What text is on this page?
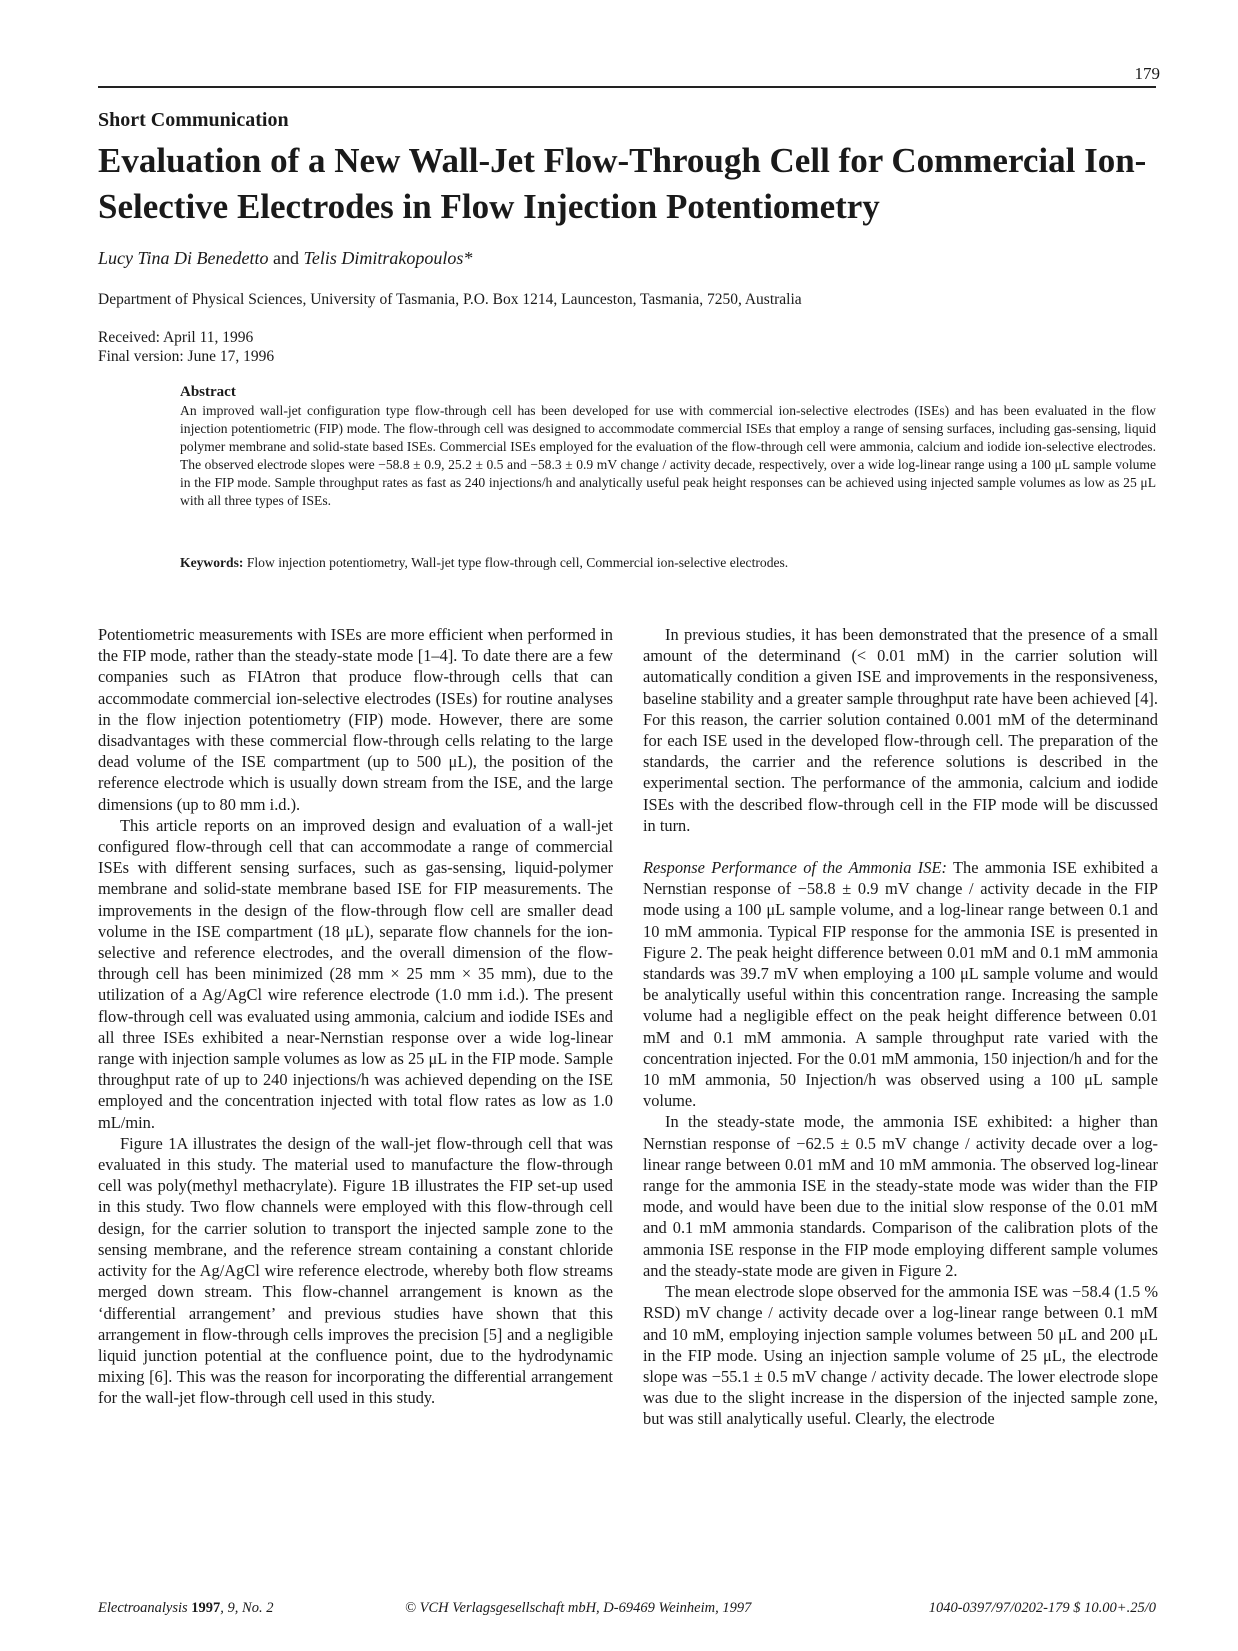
179
Short Communication
Evaluation of a New Wall-Jet Flow-Through Cell for Commercial Ion-Selective Electrodes in Flow Injection Potentiometry
Lucy Tina Di Benedetto and Telis Dimitrakopoulos*
Department of Physical Sciences, University of Tasmania, P.O. Box 1214, Launceston, Tasmania, 7250, Australia
Received: April 11, 1996
Final version: June 17, 1996
Abstract
An improved wall-jet configuration type flow-through cell has been developed for use with commercial ion-selective electrodes (ISEs) and has been evaluated in the flow injection potentiometric (FIP) mode. The flow-through cell was designed to accommodate commercial ISEs that employ a range of sensing surfaces, including gas-sensing, liquid polymer membrane and solid-state based ISEs. Commercial ISEs employed for the evaluation of the flow-through cell were ammonia, calcium and iodide ion-selective electrodes. The observed electrode slopes were −58.8 ± 0.9, 25.2 ± 0.5 and −58.3 ± 0.9 mV change / activity decade, respectively, over a wide log-linear range using a 100 μL sample volume in the FIP mode. Sample throughput rates as fast as 240 injections/h and analytically useful peak height responses can be achieved using injected sample volumes as low as 25 μL with all three types of ISEs.
Keywords: Flow injection potentiometry, Wall-jet type flow-through cell, Commercial ion-selective electrodes.

Potentiometric measurements with ISEs are more efficient when performed in the FIP mode, rather than the steady-state mode [1–4]. To date there are a few companies such as FIAtron that produce flow-through cells that can accommodate commercial ion-selective electrodes (ISEs) for routine analyses in the flow injection potentiometry (FIP) mode. However, there are some disadvantages with these commercial flow-through cells relating to the large dead volume of the ISE compartment (up to 500 μL), the position of the reference electrode which is usually down stream from the ISE, and the large dimensions (up to 80 mm i.d.).

This article reports on an improved design and evaluation of a wall-jet configured flow-through cell that can accommodate a range of commercial ISEs with different sensing surfaces, such as gas-sensing, liquid-polymer membrane and solid-state membrane based ISE for FIP measurements. The improvements in the design of the flow-through flow cell are smaller dead volume in the ISE compartment (18 μL), separate flow channels for the ion-selective and reference electrodes, and the overall dimension of the flow-through cell has been minimized (28 mm × 25 mm × 35 mm), due to the utilization of a Ag/AgCl wire reference electrode (1.0 mm i.d.). The present flow-through cell was evaluated using ammonia, calcium and iodide ISEs and all three ISEs exhibited a near-Nernstian response over a wide log-linear range with injection sample volumes as low as 25 μL in the FIP mode. Sample throughput rate of up to 240 injections/h was achieved depending on the ISE employed and the concentration injected with total flow rates as low as 1.0 mL/min.

Figure 1A illustrates the design of the wall-jet flow-through cell that was evaluated in this study. The material used to manufacture the flow-through cell was poly(methyl methacrylate). Figure 1B illustrates the FIP set-up used in this study. Two flow channels were employed with this flow-through cell design, for the carrier solution to transport the injected sample zone to the sensing membrane, and the reference stream containing a constant chloride activity for the Ag/AgCl wire reference electrode, whereby both flow streams merged down stream. This flow-channel arrangement is known as the ‘differential arrangement’ and previous studies have shown that this arrangement in flow-through cells improves the precision [5] and a negligible liquid junction potential at the confluence point, due to the hydrodynamic mixing [6]. This was the reason for incorporating the differential arrangement for the wall-jet flow-through cell used in this study.

In previous studies, it has been demonstrated that the presence of a small amount of the determinand (< 0.01 mM) in the carrier solution will automatically condition a given ISE and improvements in the responsiveness, baseline stability and a greater sample throughput rate have been achieved [4]. For this reason, the carrier solution contained 0.001 mM of the determinand for each ISE used in the developed flow-through cell. The preparation of the standards, the carrier and the reference solutions is described in the experimental section. The performance of the ammonia, calcium and iodide ISEs with the described flow-through cell in the FIP mode will be discussed in turn.

Response Performance of the Ammonia ISE: The ammonia ISE exhibited a Nernstian response of −58.8 ± 0.9 mV change / activity decade in the FIP mode using a 100 μL sample volume, and a log-linear range between 0.1 and 10 mM ammonia. Typical FIP response for the ammonia ISE is presented in Figure 2. The peak height difference between 0.01 mM and 0.1 mM ammonia standards was 39.7 mV when employing a 100 μL sample volume and would be analytically useful within this concentration range. Increasing the sample volume had a negligible effect on the peak height difference between 0.01 mM and 0.1 mM ammonia. A sample throughput rate varied with the concentration injected. For the 0.01 mM ammonia, 150 injection/h and for the 10 mM ammonia, 50 Injection/h was observed using a 100 μL sample volume.

In the steady-state mode, the ammonia ISE exhibited: a higher than Nernstian response of −62.5 ± 0.5 mV change / activity decade over a log-linear range between 0.01 mM and 10 mM ammonia. The observed log-linear range for the ammonia ISE in the steady-state mode was wider than the FIP mode, and would have been due to the initial slow response of the 0.01 mM and 0.1 mM ammonia standards. Comparison of the calibration plots of the ammonia ISE response in the FIP mode employing different sample volumes and the steady-state mode are given in Figure 2.

The mean electrode slope observed for the ammonia ISE was −58.4 (1.5 % RSD) mV change / activity decade over a log-linear range between 0.1 mM and 10 mM, employing injection sample volumes between 50 μL and 200 μL in the FIP mode. Using an injection sample volume of 25 μL, the electrode slope was −55.1 ± 0.5 mV change / activity decade. The lower electrode slope was due to the slight increase in the dispersion of the injected sample zone, but was still analytically useful. Clearly, the electrode

Electroanalysis 1997, 9, No. 2	© VCH Verlagsgesellschaft mbH, D-69469 Weinheim, 1997	1040-0397/97/0202-179 $ 10.00+.25/0
